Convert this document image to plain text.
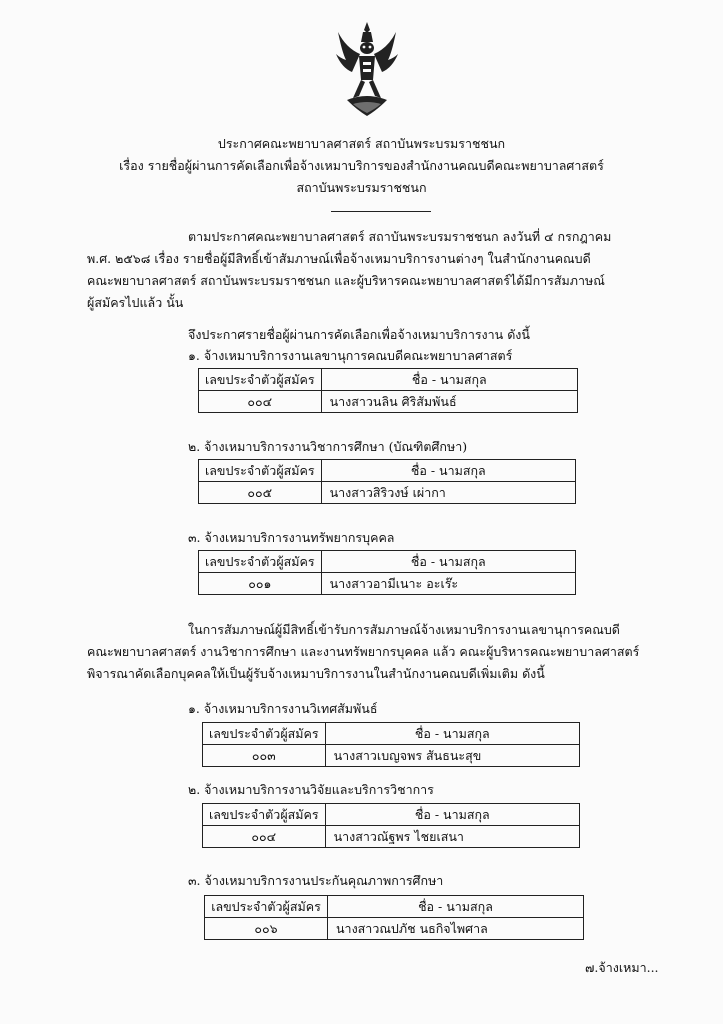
ประกาศคณะพยาบาลศาสตร์ สถาบันพระบรมราชชนก
เรื่อง รายชื่อผู้ผ่านการคัดเลือกเพื่อจ้างเหมาบริการของสำนักงานคณบดีคณะพยาบาลศาสตร์
สถาบันพระบรมราชชนก
ตามประกาศคณะพยาบาลศาสตร์ สถาบันพระบรมราชชนก ลงวันที่ ๔ กรกฎาคม
พ.ศ. ๒๕๖๘ เรื่อง รายชื่อผู้มีสิทธิ์เข้าสัมภาษณ์เพื่อจ้างเหมาบริการงานต่างๆ ในสำนักงานคณบดี
คณะพยาบาลศาสตร์ สถาบันพระบรมราชชนก และผู้บริหารคณะพยาบาลศาสตร์ได้มีการสัมภาษณ์
ผู้สมัครไปแล้ว นั้น
จึงประกาศรายชื่อผู้ผ่านการคัดเลือกเพื่อจ้างเหมาบริการงาน ดังนี้
๑. จ้างเหมาบริการงานเลขานุการคณบดีคณะพยาบาลศาสตร์
เลขประจำตัวผู้สมัคร	ชื่อ - นามสกุล
๐๐๔	นางสาวนลิน ศิริสัมพันธ์
๒. จ้างเหมาบริการงานวิชาการศึกษา (บัณฑิตศึกษา)
เลขประจำตัวผู้สมัคร	ชื่อ - นามสกุล
๐๐๕	นางสาวสิริวงษ์ เผ่ากา
๓. จ้างเหมาบริการงานทรัพยากรบุคคล
เลขประจำตัวผู้สมัคร	ชื่อ - นามสกุล
๐๐๑	นางสาวอามีเนาะ อะเร๊ะ
ในการสัมภาษณ์ผู้มีสิทธิ์เข้ารับการสัมภาษณ์จ้างเหมาบริการงานเลขานุการคณบดี
คณะพยาบาลศาสตร์ งานวิชาการศึกษา และงานทรัพยากรบุคคล แล้ว คณะผู้บริหารคณะพยาบาลศาสตร์
พิจารณาคัดเลือกบุคคลให้เป็นผู้รับจ้างเหมาบริการงานในสำนักงานคณบดีเพิ่มเติม ดังนี้
๑. จ้างเหมาบริการงานวิเทศสัมพันธ์
เลขประจำตัวผู้สมัคร	ชื่อ - นามสกุล
๐๐๓	นางสาวเบญจพร สันธนะสุข
๒. จ้างเหมาบริการงานวิจัยและบริการวิชาการ
เลขประจำตัวผู้สมัคร	ชื่อ - นามสกุล
๐๐๔	นางสาวณัฐพร ไชยเสนา
๓. จ้างเหมาบริการงานประกันคุณภาพการศึกษา
เลขประจำตัวผู้สมัคร	ชื่อ - นามสกุล
๐๐๖	นางสาวณปภัช นธกิจไพศาล
๗.จ้างเหมา...
